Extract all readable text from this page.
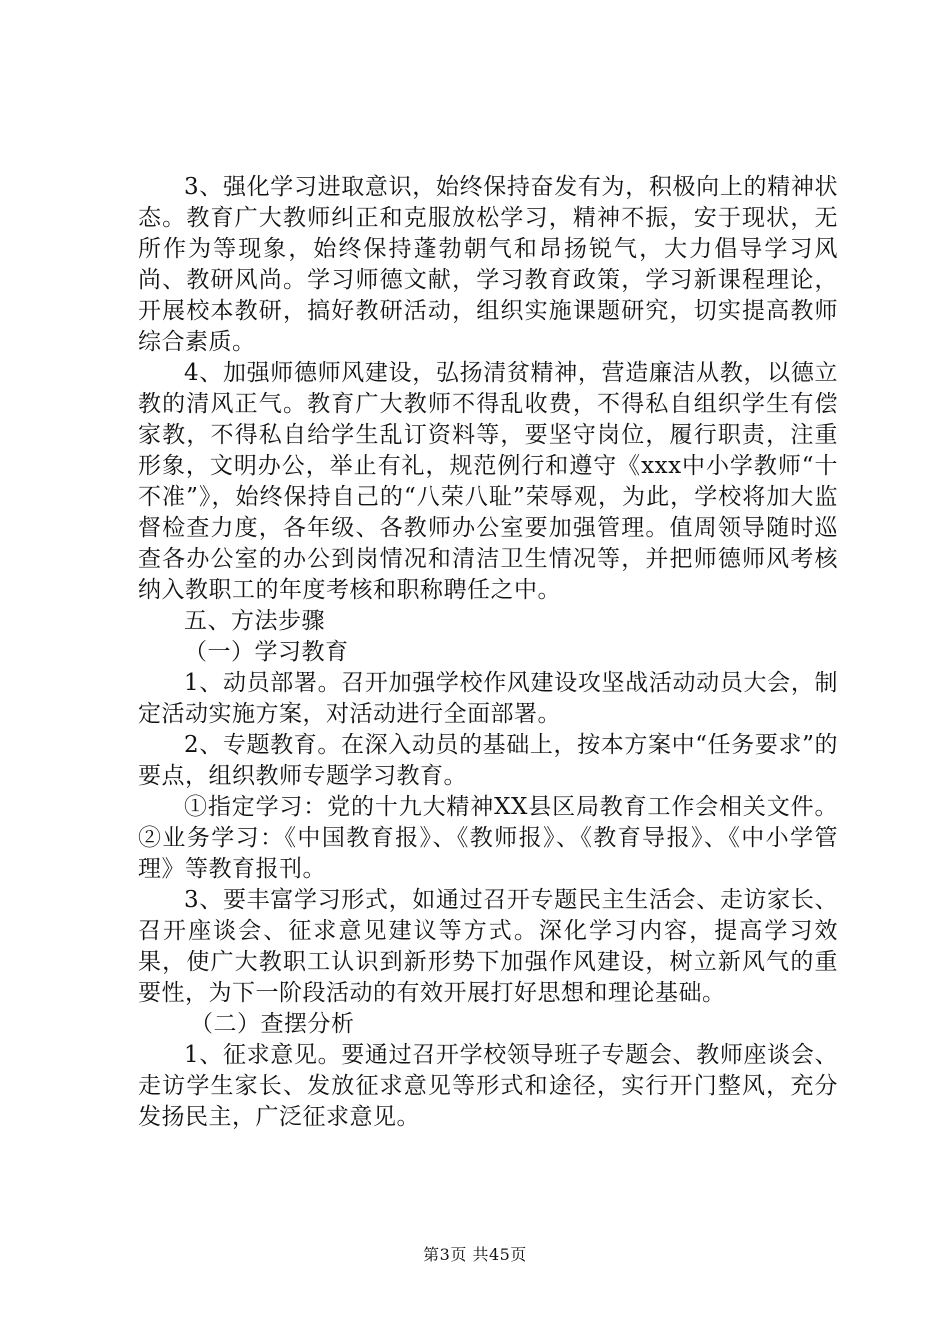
3、强化学习进取意识，始终保持奋发有为，积极向上的精神状态。教育广大教师纠正和克服放松学习，精神不振，安于现状，无所作为等现象，始终保持蓬勃朝气和昂扬锐气，大力倡导学习风尚、教研风尚。学习师德文献，学习教育政策，学习新课程理论，开展校本教研，搞好教研活动，组织实施课题研究，切实提高教师综合素质。

4、加强师德师风建设，弘扬清贫精神，营造廉洁从教，以德立教的清风正气。教育广大教师不得乱收费，不得私自组织学生有偿家教，不得私自给学生乱订资料等，要坚守岗位，履行职责，注重形象，文明办公，举止有礼，规范例行和遵守《xxx中小学教师“十不准”》，始终保持自己的“八荣八耻”荣辱观，为此，学校将加大监督检查力度，各年级、各教师办公室要加强管理。值周领导随时巡查各办公室的办公到岗情况和清洁卫生情况等，并把师德师风考核纳入教职工的年度考核和职称聘任之中。

五、方法步骤

（一）学习教育

1、动员部署。召开加强学校作风建设攻坚战活动动员大会，制定活动实施方案，对活动进行全面部署。

2、专题教育。在深入动员的基础上，按本方案中“任务要求”的要点，组织教师专题学习教育。

①指定学习：党的十九大精神XX县区局教育工作会相关文件。②业务学习：《中国教育报》、《教师报》、《教育导报》、《中小学管理》等教育报刊。

3、要丰富学习形式，如通过召开专题民主生活会、走访家长、召开座谈会、征求意见建议等方式。深化学习内容，提高学习效果，使广大教职工认识到新形势下加强作风建设，树立新风气的重要性，为下一阶段活动的有效开展打好思想和理论基础。

（二）查摆分析

1、征求意见。要通过召开学校领导班子专题会、教师座谈会、走访学生家长、发放征求意见等形式和途径，实行开门整风，充分发扬民主，广泛征求意见。

第3页 共45页
